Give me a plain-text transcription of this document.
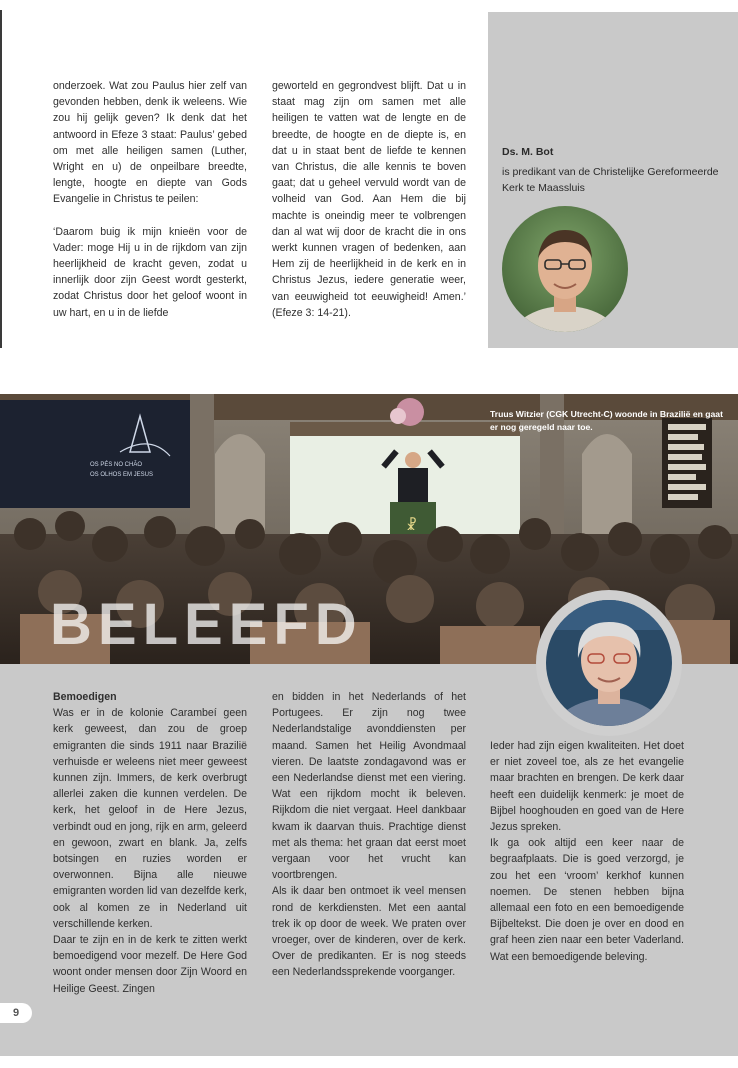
onderzoek. Wat zou Paulus hier zelf van gevonden hebben, denk ik weleens. Wie zou hij gelijk geven? Ik denk dat het antwoord in Efeze 3 staat: Paulus’ gebed om met alle heiligen samen (Luther, Wright en u) de onpeilbare breedte, lengte, hoogte en diepte van Gods Evangelie in Christus te peilen:

‘Daarom buig ik mijn knieën voor de Vader: moge Hij u in de rijkdom van zijn heerlijkheid de kracht geven, zodat u innerlijk door zijn Geest wordt gesterkt, zodat Christus door het geloof woont in uw hart, en u in de liefde

geworteld en gegrondvest blijft. Dat u in staat mag zijn om samen met alle heiligen te vatten wat de lengte en de breedte, de hoogte en de diepte is, en dat u in staat bent de liefde te kennen van Christus, die alle kennis te boven gaat; dat u geheel vervuld wordt van de volheid van God. Aan Hem die bij machte is oneindig meer te volbrengen dan al wat wij door de kracht die in ons werkt kunnen vragen of bedenken, aan Hem zij de heerlijkheid in de kerk en in Christus Jezus, iedere generatie weer, van eeuwigheid tot eeuwigheid! Amen.’ (Efeze 3: 14-21).

Ds. M. Bot
is predikant van de Christelijke Gereformeerde Kerk te Maassluis
OS PÉS NO CHÃO
OS OLHOS EM JESUS
☧
Truus Witzier (CGK Utrecht-C) woonde in Brazilië en gaat er nog geregeld naar toe.
BELEEFD

Bemoedigen

Was er in de kolonie Carambeí geen kerk geweest, dan zou de groep emigranten die sinds 1911 naar Brazilië verhuisde er weleens niet meer geweest kunnen zijn. Immers, de kerk overbrugt allerlei zaken die kunnen verdelen. De kerk, het geloof in de Here Jezus, verbindt oud en jong, rijk en arm, geleerd en gewoon, zwart en blank. Ja, zelfs botsingen en ruzies worden er overwonnen. Bijna alle nieuwe emigranten worden lid van dezelfde kerk, ook al komen ze in Nederland uit verschillende kerken.

Daar te zijn en in de kerk te zitten werkt bemoedigend voor mezelf. De Here God woont onder mensen door Zijn Woord en Heilige Geest. Zingen

en bidden in het Nederlands of het Portugees. Er zijn nog twee Nederlandstalige avonddiensten per maand. Samen het Heilig Avondmaal vieren. De laatste zondagavond was er een Nederlandse dienst met een viering. Wat een rijkdom mocht ik beleven. Rijkdom die niet vergaat. Heel dankbaar kwam ik daarvan thuis. Prachtige dienst met als thema: het graan dat eerst moet vergaan voor het vrucht kan voortbrengen.

Als ik daar ben ontmoet ik veel mensen rond de kerkdiensten. Met een aantal trek ik op door de week. We praten over vroeger, over de kinderen, over de kerk. Over de predikanten. Er is nog steeds een Nederlandssprekende voorganger.

Ieder had zijn eigen kwaliteiten. Het doet er niet zoveel toe, als ze het evangelie maar brachten en brengen. De kerk daar heeft een duidelijk kenmerk: je moet de Bijbel hooghouden en goed van de Here Jezus spreken.

Ik ga ook altijd een keer naar de begraafplaats. Die is goed verzorgd, je zou het een ‘vroom’ kerkhof kunnen noemen. De stenen hebben bijna allemaal een foto en een bemoedigende Bijbeltekst. Die doen je over en dood en graf heen zien naar een beter Vaderland. Wat een bemoedigende beleving.

9
